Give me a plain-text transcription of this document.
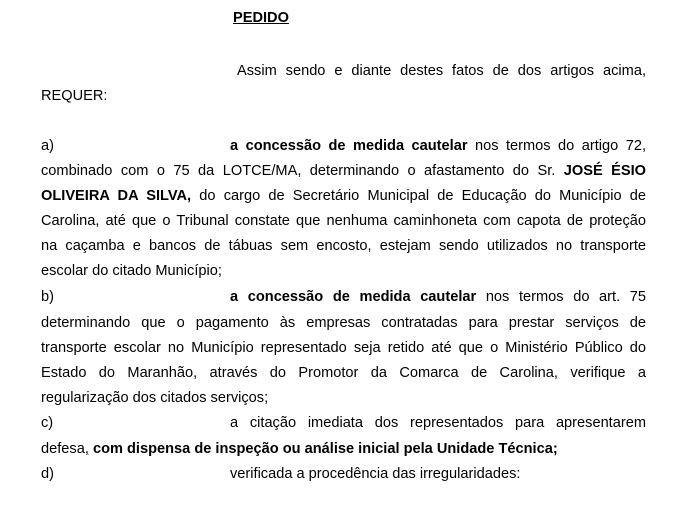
PEDIDO
Assim sendo e diante destes fatos de dos artigos acima,
REQUER:
a)	a concessão de medida cautelar nos termos do artigo 72,
combinado com o 75 da LOTCE/MA, determinando o afastamento do Sr. JOSÉ ÉSIO
OLIVEIRA DA SILVA, do cargo de Secretário Municipal de Educação do Município de
Carolina, até que o Tribunal constate que nenhuma caminhoneta com capota de proteção
na caçamba e bancos de tábuas sem encosto, estejam sendo utilizados no transporte
escolar do citado Município;
b)	a concessão de medida cautelar nos termos do art. 75
determinando que o pagamento às empresas contratadas para prestar serviços de
transporte escolar no Município representado seja retido até que o Ministério Público do
Estado do Maranhão, através do Promotor da Comarca de Carolina, verifique a
regularização dos citados serviços;
c)	a citação imediata dos representados para apresentarem
defesa, com dispensa de inspeção ou análise inicial pela Unidade Técnica;
d)	verificada a procedência das irregularidades:
